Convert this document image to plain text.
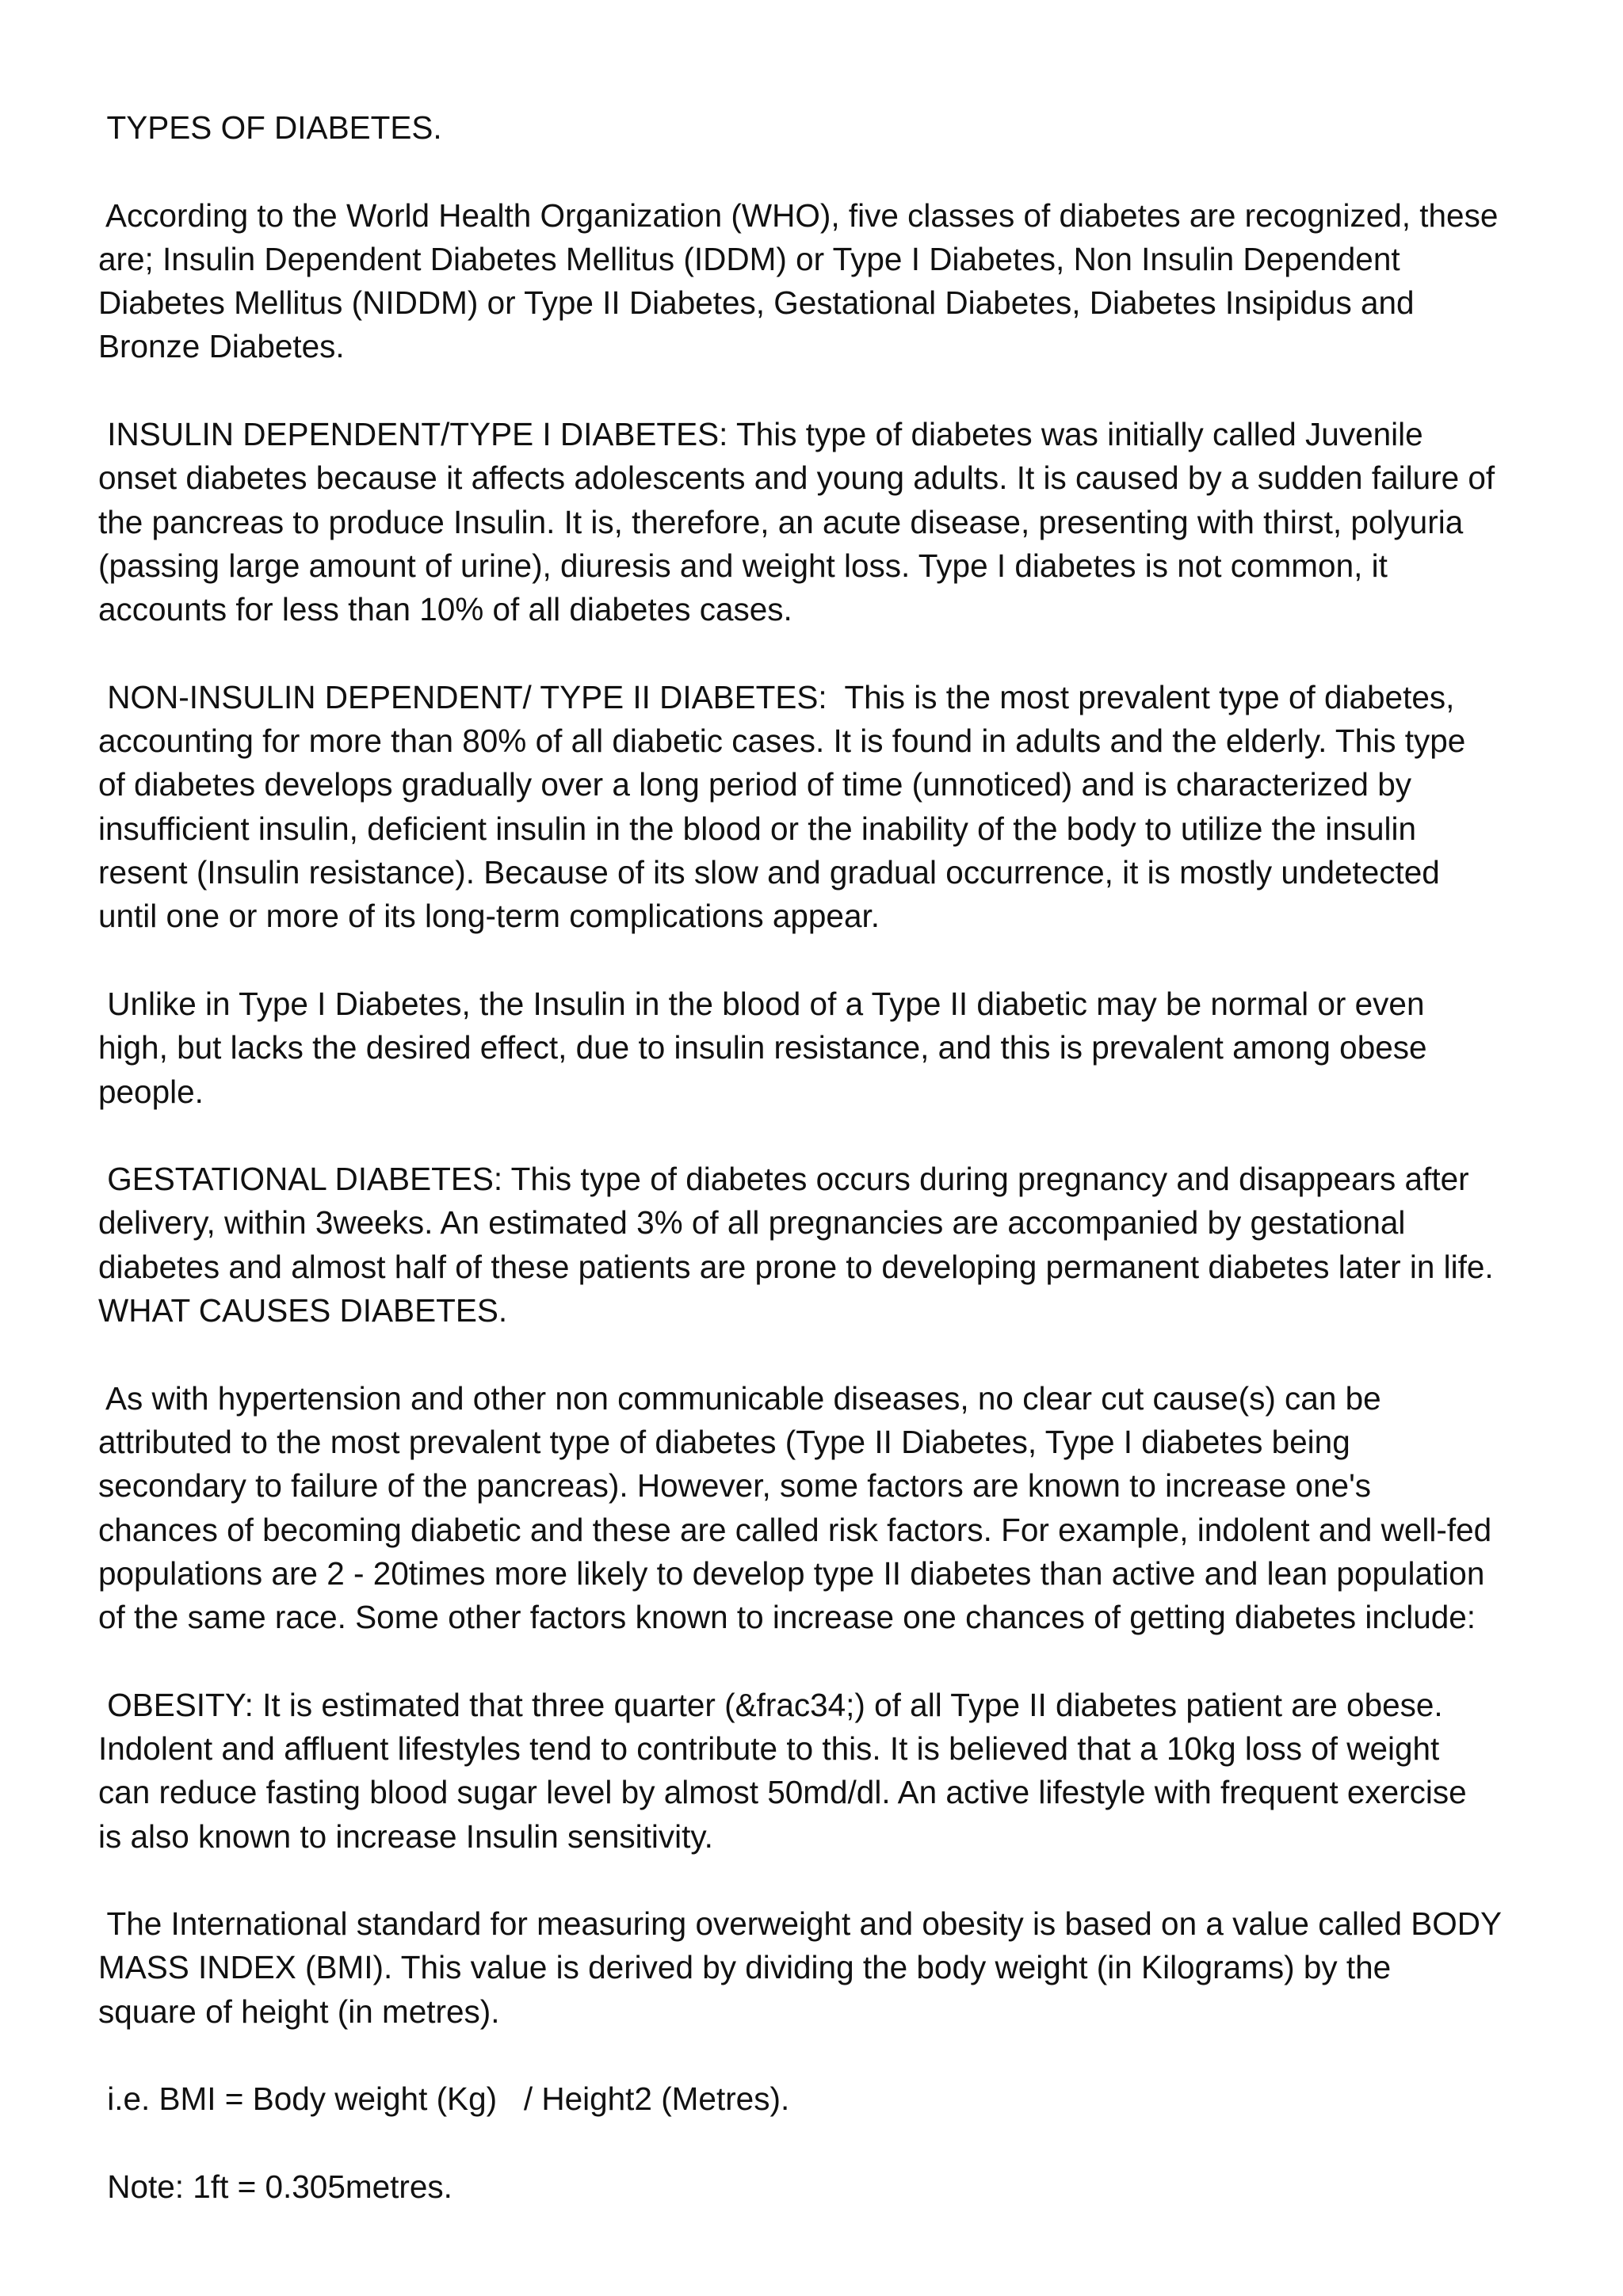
TYPES OF DIABETES.
According to the World Health Organization (WHO), five classes of diabetes are recognized, these
are; Insulin Dependent Diabetes Mellitus (IDDM) or Type I Diabetes, Non Insulin Dependent
Diabetes Mellitus (NIDDM) or Type II Diabetes, Gestational Diabetes, Diabetes Insipidus and
Bronze Diabetes.
INSULIN DEPENDENT/TYPE I DIABETES: This type of diabetes was initially called Juvenile
onset diabetes because it affects adolescents and young adults. It is caused by a sudden failure of
the pancreas to produce Insulin. It is, therefore, an acute disease, presenting with thirst, polyuria
(passing large amount of urine), diuresis and weight loss. Type I diabetes is not common, it
accounts for less than 10% of all diabetes cases.
NON-INSULIN DEPENDENT/ TYPE II DIABETES:  This is the most prevalent type of diabetes,
accounting for more than 80% of all diabetic cases. It is found in adults and the elderly. This type
of diabetes develops gradually over a long period of time (unnoticed) and is characterized by
insufficient insulin, deficient insulin in the blood or the inability of the body to utilize the insulin
resent (Insulin resistance). Because of its slow and gradual occurrence, it is mostly undetected
until one or more of its long-term complications appear.
Unlike in Type I Diabetes, the Insulin in the blood of a Type II diabetic may be normal or even
high, but lacks the desired effect, due to insulin resistance, and this is prevalent among obese
people.
GESTATIONAL DIABETES: This type of diabetes occurs during pregnancy and disappears after
delivery, within 3weeks. An estimated 3% of all pregnancies are accompanied by gestational
diabetes and almost half of these patients are prone to developing permanent diabetes later in life.
WHAT CAUSES DIABETES.
As with hypertension and other non communicable diseases, no clear cut cause(s) can be
attributed to the most prevalent type of diabetes (Type II Diabetes, Type I diabetes being
secondary to failure of the pancreas). However, some factors are known to increase one's
chances of becoming diabetic and these are called risk factors. For example, indolent and well-fed
populations are 2 - 20times more likely to develop type II diabetes than active and lean population
of the same race. Some other factors known to increase one chances of getting diabetes include:
OBESITY: It is estimated that three quarter (&frac34;) of all Type II diabetes patient are obese.
Indolent and affluent lifestyles tend to contribute to this. It is believed that a 10kg loss of weight
can reduce fasting blood sugar level by almost 50md/dl. An active lifestyle with frequent exercise
is also known to increase Insulin sensitivity.
The International standard for measuring overweight and obesity is based on a value called BODY
MASS INDEX (BMI). This value is derived by dividing the body weight (in Kilograms) by the
square of height (in metres).
i.e. BMI = Body weight (Kg)   / Height2 (Metres).
Note: 1ft = 0.305metres.
